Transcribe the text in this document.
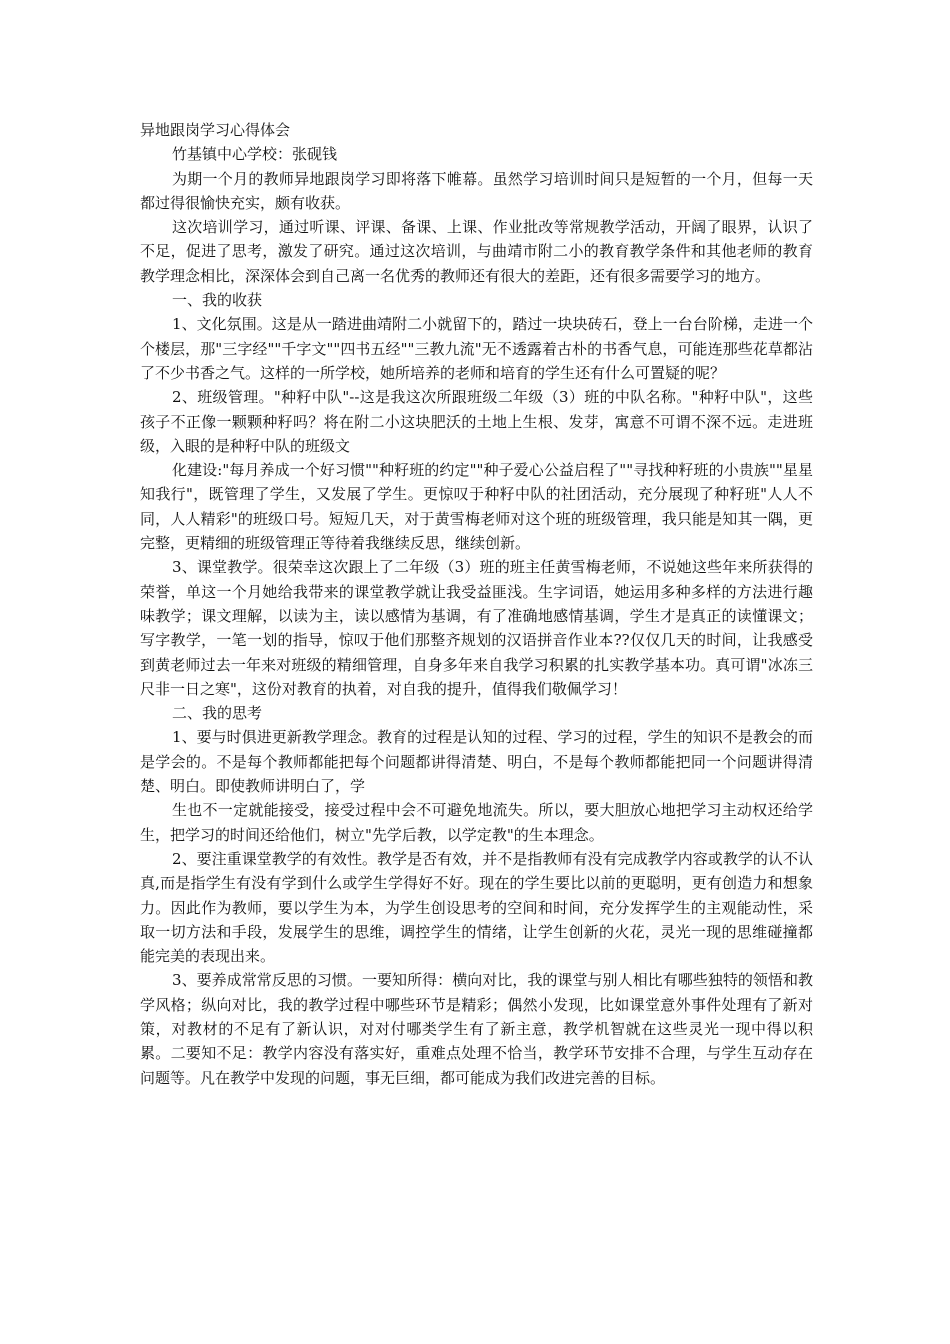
异地跟岗学习心得体会

竹基镇中心学校：张砚钱

为期一个月的教师异地跟岗学习即将落下帷幕。虽然学习培训时间只是短暂的一个月，但每一天都过得很愉快充实，颇有收获。

这次培训学习，通过听课、评课、备课、上课、作业批改等常规教学活动，开阔了眼界，认识了不足，促进了思考，激发了研究。通过这次培训，与曲靖市附二小的教育教学条件和其他老师的教育教学理念相比，深深体会到自己离一名优秀的教师还有很大的差距，还有很多需要学习的地方。

一、我的收获

1、文化氛围。这是从一踏进曲靖附二小就留下的，踏过一块块砖石，登上一台台阶梯，走进一个个楼层，那"三字经""千字文""四书五经""三教九流"无不透露着古朴的书香气息，可能连那些花草都沾了不少书香之气。这样的一所学校，她所培养的老师和培育的学生还有什么可置疑的呢？

2、班级管理。"种籽中队"--这是我这次所跟班级二年级（3）班的中队名称。"种籽中队"，这些孩子不正像一颗颗种籽吗？将在附二小这块肥沃的土地上生根、发芽，寓意不可谓不深不远。走进班级，入眼的是种籽中队的班级文

化建设:"每月养成一个好习惯""种籽班的约定""种子爱心公益启程了""寻找种籽班的小贵族""星星知我行"，既管理了学生，又发展了学生。更惊叹于种籽中队的社团活动，充分展现了种籽班"人人不同，人人精彩"的班级口号。短短几天，对于黄雪梅老师对这个班的班级管理，我只能是知其一隅，更完整，更精细的班级管理正等待着我继续反思，继续创新。

3、课堂教学。很荣幸这次跟上了二年级（3）班的班主任黄雪梅老师，不说她这些年来所获得的荣誉，单这一个月她给我带来的课堂教学就让我受益匪浅。生字词语，她运用多种多样的方法进行趣味教学；课文理解，以读为主，读以感情为基调，有了准确地感情基调，学生才是真正的读懂课文；写字教学，一笔一划的指导，惊叹于他们那整齐规划的汉语拼音作业本??仅仅几天的时间，让我感受到黄老师过去一年来对班级的精细管理，自身多年来自我学习积累的扎实教学基本功。真可谓"冰冻三尺非一日之寒"，这份对教育的执着，对自我的提升，值得我们敬佩学习！

二、我的思考

1、要与时俱进更新教学理念。教育的过程是认知的过程、学习的过程，学生的知识不是教会的而是学会的。不是每个教师都能把每个问题都讲得清楚、明白，不是每个教师都能把同一个问题讲得清楚、明白。即使教师讲明白了，学

生也不一定就能接受，接受过程中会不可避免地流失。所以，要大胆放心地把学习主动权还给学生，把学习的时间还给他们，树立"先学后教，以学定教"的生本理念。

2、要注重课堂教学的有效性。教学是否有效，并不是指教师有没有完成教学内容或教学的认不认真,而是指学生有没有学到什么或学生学得好不好。现在的学生要比以前的更聪明，更有创造力和想象力。因此作为教师，要以学生为本，为学生创设思考的空间和时间，充分发挥学生的主观能动性，采取一切方法和手段，发展学生的思维，调控学生的情绪，让学生创新的火花，灵光一现的思维碰撞都能完美的表现出来。

3、要养成常常反思的习惯。一要知所得：横向对比，我的课堂与别人相比有哪些独特的领悟和教学风格；纵向对比，我的教学过程中哪些环节是精彩；偶然小发现，比如课堂意外事件处理有了新对策，对教材的不足有了新认识，对对付哪类学生有了新主意，教学机智就在这些灵光一现中得以积累。二要知不足：教学内容没有落实好，重难点处理不恰当，教学环节安排不合理，与学生互动存在问题等。凡在教学中发现的问题，事无巨细，都可能成为我们改进完善的目标。
